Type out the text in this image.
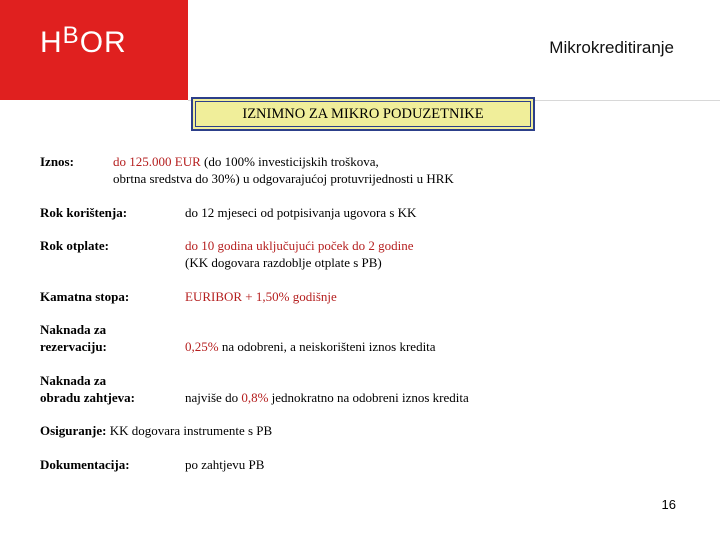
$H^BOR$	Mikrokreditiranje
IZNIMNO ZA MIKRO PODUZETNIKE
Iznos:	do 125.000 EUR (do 100% investicijskih troškova,
obrtna sredstva do 30%) u odgovarajućoj protuvrijednosti u HRK
Rok korištenja:	do 12 mjeseci od potpisivanja ugovora s KK
Rok otplate:	do 10 godina uključujući poček do 2 godine
(KK dogovara razdoblje otplate s PB)
Kamatna stopa:	EURIBOR + 1,50% godišnje
Naknada za
rezervaciju:	0,25% na odobreni, a neiskorišteni iznos kredita
Naknada za
obradu zahtjeva:	najviše do 0,8% jednokratno na odobreni iznos kredita
Osiguranje: KK dogovara instrumente s PB
Dokumentacija:	po zahtjevu PB
16
